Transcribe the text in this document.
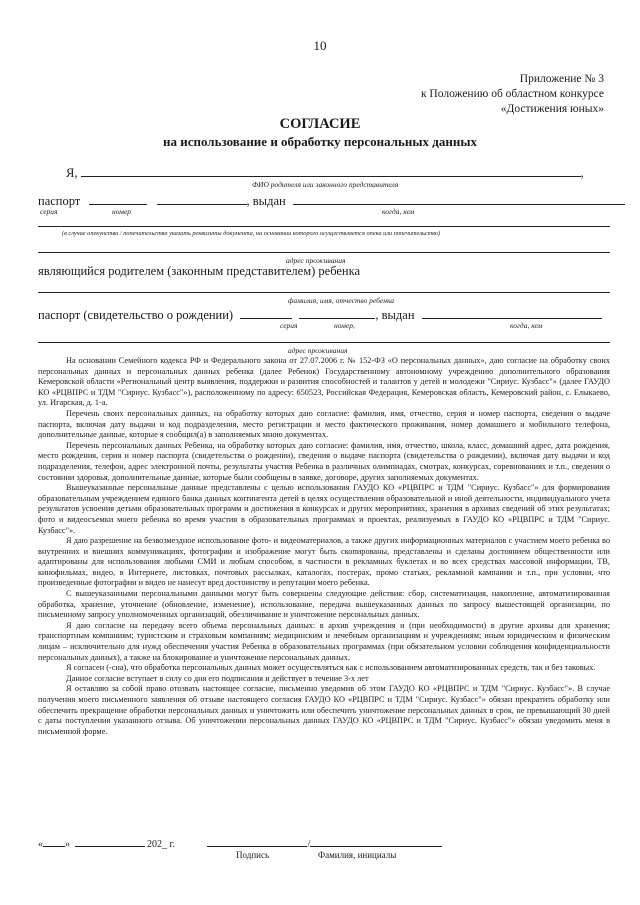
10
Приложение № 3
к Положению об областном конкурсе
«Достижения юных»
СОГЛАСИЕ
на использование и обработку персональных данных
Я,	,
ФИО родителя или законного представителя
паспорт	, выдан
серия	номер	когда, кем
(в случае опекунства / попечительства указать реквизиты документа, на основании которого осуществляется опека или попечительство)
адрес проживания
являющийся родителем (законным представителем) ребенка
фамилия, имя, отчество ребенка
паспорт (свидетельство о рождении)	, выдан
серия	номер,	когда, кем
адрес проживания

На основании Семейного кодекса РФ и Федерального закона от 27.07.2006 г. № 152-ФЗ «О персональных данных», даю согласие на обработку своих персональных данных и персональных данных ребенка (далее Ребенок) Государственному автономному учреждению дополнительного образования Кемеровской области «Региональный центр выявления, поддержки и развития способностей и талантов у детей и молодежи "Сириус. Кузбасс"» (далее ГАУДО КО «РЦВПРС и ТДМ "Сириус. Кузбасс"»), расположенному по адресу: 650523, Российская Федерация, Кемеровская область, Кемеровский район, с. Елыкаево, ул. Игарская, д. 1-а.

Перечень своих персональных данных, на обработку которых даю согласие: фамилия, имя, отчество, серия и номер паспорта, сведения о выдаче паспорта, включая дату выдачи и код подразделения, место регистрации и место фактического проживания, номер домашнего и мобильного телефона, дополнительные данные, которые я сообщил(а) в заполняемых мною документах.

Перечень персональных данных Ребенка, на обработку которых даю согласие: фамилия, имя, отчество, школа, класс, домашний адрес, дата рождения, место рождения, серия и номер паспорта (свидетельства о рождении), сведения о выдаче паспорта (свидетельства о рождении), включая дату выдачи и код подразделения, телефон, адрес электронной почты, результаты участия Ребенка в различных олимпиадах, смотрах, конкурсах, соревнованиях и т.п., сведения о состоянии здоровья, дополнительные данные, которые были сообщены в заявке, договоре, других заполняемых документах.

Вышеуказанные персональные данные представлены с целью использования ГАУДО КО «РЦВПРС и ТДМ "Сириус. Кузбасс"» для формирования образовательным учреждением единого банка данных контингента детей в целях осуществления образовательной и иной деятельности, индивидуального учета результатов усвоения детьми образовательных программ и достижения в конкурсах и других мероприятиях, хранения в архивах сведений об этих результатах; фото и видеосъемки моего ребенка во время участия в образовательных программах и проектах, реализуемых в ГАУДО КО «РЦВПРС и ТДМ "Сириус. Кузбасс"».

Я даю разрешение на безвозмездное использование фото- и видеоматериалов, а также других информационных материалов с участием моего ребенка во внутренних и внешних коммуникациях, фотографии и изображение могут быть скопированы, представлены и сделаны достоянием общественности или адаптированы для использования любыми СМИ и любым способом, в частности в рекламных буклетах и во всех средствах массовой информации, ТВ, кинофильмах, видео, в Интернете, листовках, почтовых рассылках, каталогах, постерах, промо статьях, рекламной кампании и т.п., при условии, что произведенные фотографии и видео не нанесут вред достоинству и репутации моего ребенка.

С вышеуказанными персональными данными могут быть совершены следующие действия: сбор, систематизация, накопление, автоматизированная обработка, хранение, уточнение (обновление, изменение), использование, передача вышеуказанных данных по запросу вышестоящей организации, по письменному запросу уполномоченных организаций, обезличивание и уничтожение персональных данных.

Я даю согласие на передачу всего объема персональных данных: в архив учреждения и (при необходимости) в другие архивы для хранения; транспортным компаниям; туристским и страховым компаниям; медицинским и лечебным организациям и учреждениям; иным юридическим и физическим лицам – исключительно для нужд обеспечения участия Ребенка в образовательных программах (при обязательном условии соблюдения конфиденциальности персональных данных), а также на блокирование и уничтожение персональных данных.

Я согласен (-сна), что обработка персональных данных может осуществляться как с использованием автоматизированных средств, так и без таковых.

Данное согласие вступает в силу со дня его подписания и действует в течение 3-х лет

Я оставляю за собой право отозвать настоящее согласие, письменно уведомив об этом ГАУДО КО «РЦВПРС и ТДМ "Сириус. Кузбасс"». В случае получения моего письменного заявления об отзыве настоящего согласия ГАУДО КО «РЦВПРС и ТДМ "Сириус. Кузбасс"» обязан прекратить обработку или обеспечить прекращение обработки персональных данных и уничтожить или обеспечить уничтожение персональных данных в срок, не превышающий 30 дней с даты поступления указанного отзыва. Об уничтожении персональных данных ГАУДО КО «РЦВПРС и ТДМ "Сириус. Кузбасс"» обязан уведомить меня в письменной форме.

« »	202_ г.	/
Подпись	Фамилия, инициалы
